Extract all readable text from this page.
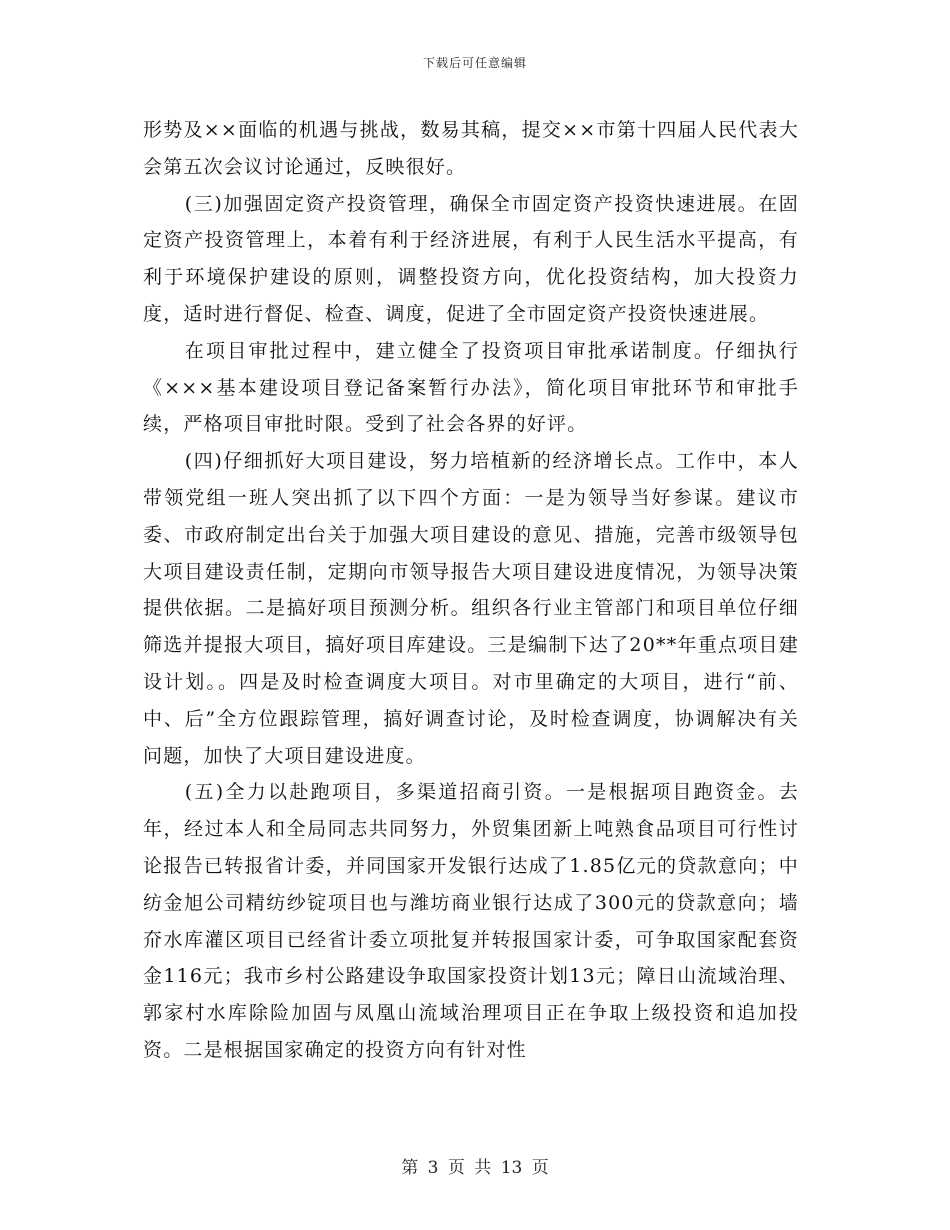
下载后可任意编辑

形势及××面临的机遇与挑战，数易其稿，提交××市第十四届人民代表大会第五次会议讨论通过，反映很好。

(三)加强固定资产投资管理，确保全市固定资产投资快速进展。在固定资产投资管理上，本着有利于经济进展，有利于人民生活水平提高，有利于环境保护建设的原则，调整投资方向，优化投资结构，加大投资力度，适时进行督促、检查、调度，促进了全市固定资产投资快速进展。

在项目审批过程中，建立健全了投资项目审批承诺制度。仔细执行《×××基本建设项目登记备案暂行办法》，简化项目审批环节和审批手续，严格项目审批时限。受到了社会各界的好评。

(四)仔细抓好大项目建设，努力培植新的经济增长点。工作中，本人带领党组一班人突出抓了以下四个方面：一是为领导当好参谋。建议市委、市政府制定出台关于加强大项目建设的意见、措施，完善市级领导包大项目建设责任制，定期向市领导报告大项目建设进度情况，为领导决策提供依据。二是搞好项目预测分析。组织各行业主管部门和项目单位仔细筛选并提报大项目，搞好项目库建设。三是编制下达了20**年重点项目建设计划。。四是及时检查调度大项目。对市里确定的大项目，进行“前、中、后”全方位跟踪管理，搞好调查讨论，及时检查调度，协调解决有关问题，加快了大项目建设进度。

(五)全力以赴跑项目，多渠道招商引资。一是根据项目跑资金。去年，经过本人和全局同志共同努力，外贸集团新上吨熟食品项目可行性讨论报告已转报省计委，并同国家开发银行达成了1.85亿元的贷款意向；中纺金旭公司精纺纱锭项目也与潍坊商业银行达成了300元的贷款意向；墙夼水库灌区项目已经省计委立项批复并转报国家计委，可争取国家配套资金116元；我市乡村公路建设争取国家投资计划13元；障日山流域治理、郭家村水库除险加固与凤凰山流域治理项目正在争取上级投资和追加投资。二是根据国家确定的投资方向有针对性

第 3 页 共 13 页
